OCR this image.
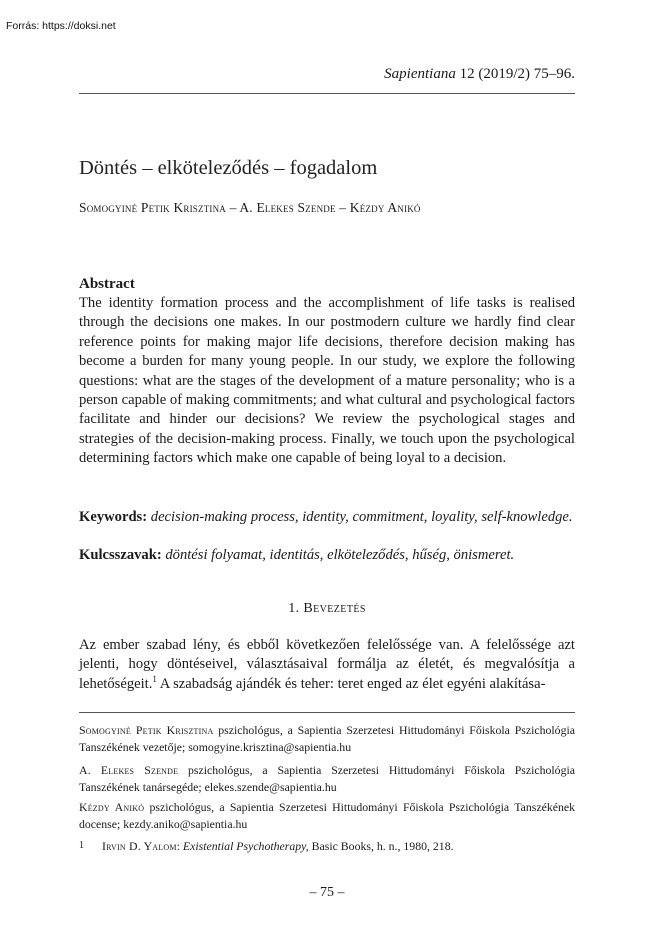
Forrás: https://doksi.net
Sapientiana 12 (2019/2) 75–96.
Döntés – elköteleződés – fogadalom
Somogyiné Petik Krisztina – A. Elekes Szende – Kézdy Anikó
Abstract
The identity formation process and the accomplishment of life tasks is realised through the decisions one makes. In our postmodern culture we hardly find clear reference points for making major life decisions, therefore decision making has become a burden for many young people. In our study, we explore the following questions: what are the stages of the development of a mature personality; who is a person capable of making commitments; and what cultural and psychological factors facilitate and hinder our decisions? We review the psychological stages and strategies of the decision-making process. Finally, we touch upon the psychological determining factors which make one capable of being loyal to a decision.
Keywords: decision-making process, identity, commitment, loyality, self-knowledge.
Kulcsszavak: döntési folyamat, identitás, elköteleződés, hűség, önismeret.
1. Bevezetés
Az ember szabad lény, és ebből következően felelőssége van. A felelőssége azt jelenti, hogy döntéseivel, választásaival formálja az életét, és megvalósítja a lehetőségeit.$^1$ A szabadság ajándék és teher: teret enged az élet egyéni alakítása-
Somogyiné Petik Krisztina pszichológus, a Sapientia Szerzetesi Hittudományi Főiskola Pszichológia Tanszékének vezetője; somogyine.krisztina@sapientia.hu
A. Elekes Szende pszichológus, a Sapientia Szerzetesi Hittudományi Főiskola Pszichológia Tanszékének tanársegéde; elekes.szende@sapientia.hu
Kézdy Anikó pszichológus, a Sapientia Szerzetesi Hittudományi Főiskola Pszichológia Tanszékének docense; kezdy.aniko@sapientia.hu
1 Irvin D. Yalom: Existential Psychotherapy, Basic Books, h. n., 1980, 218.
– 75 –
